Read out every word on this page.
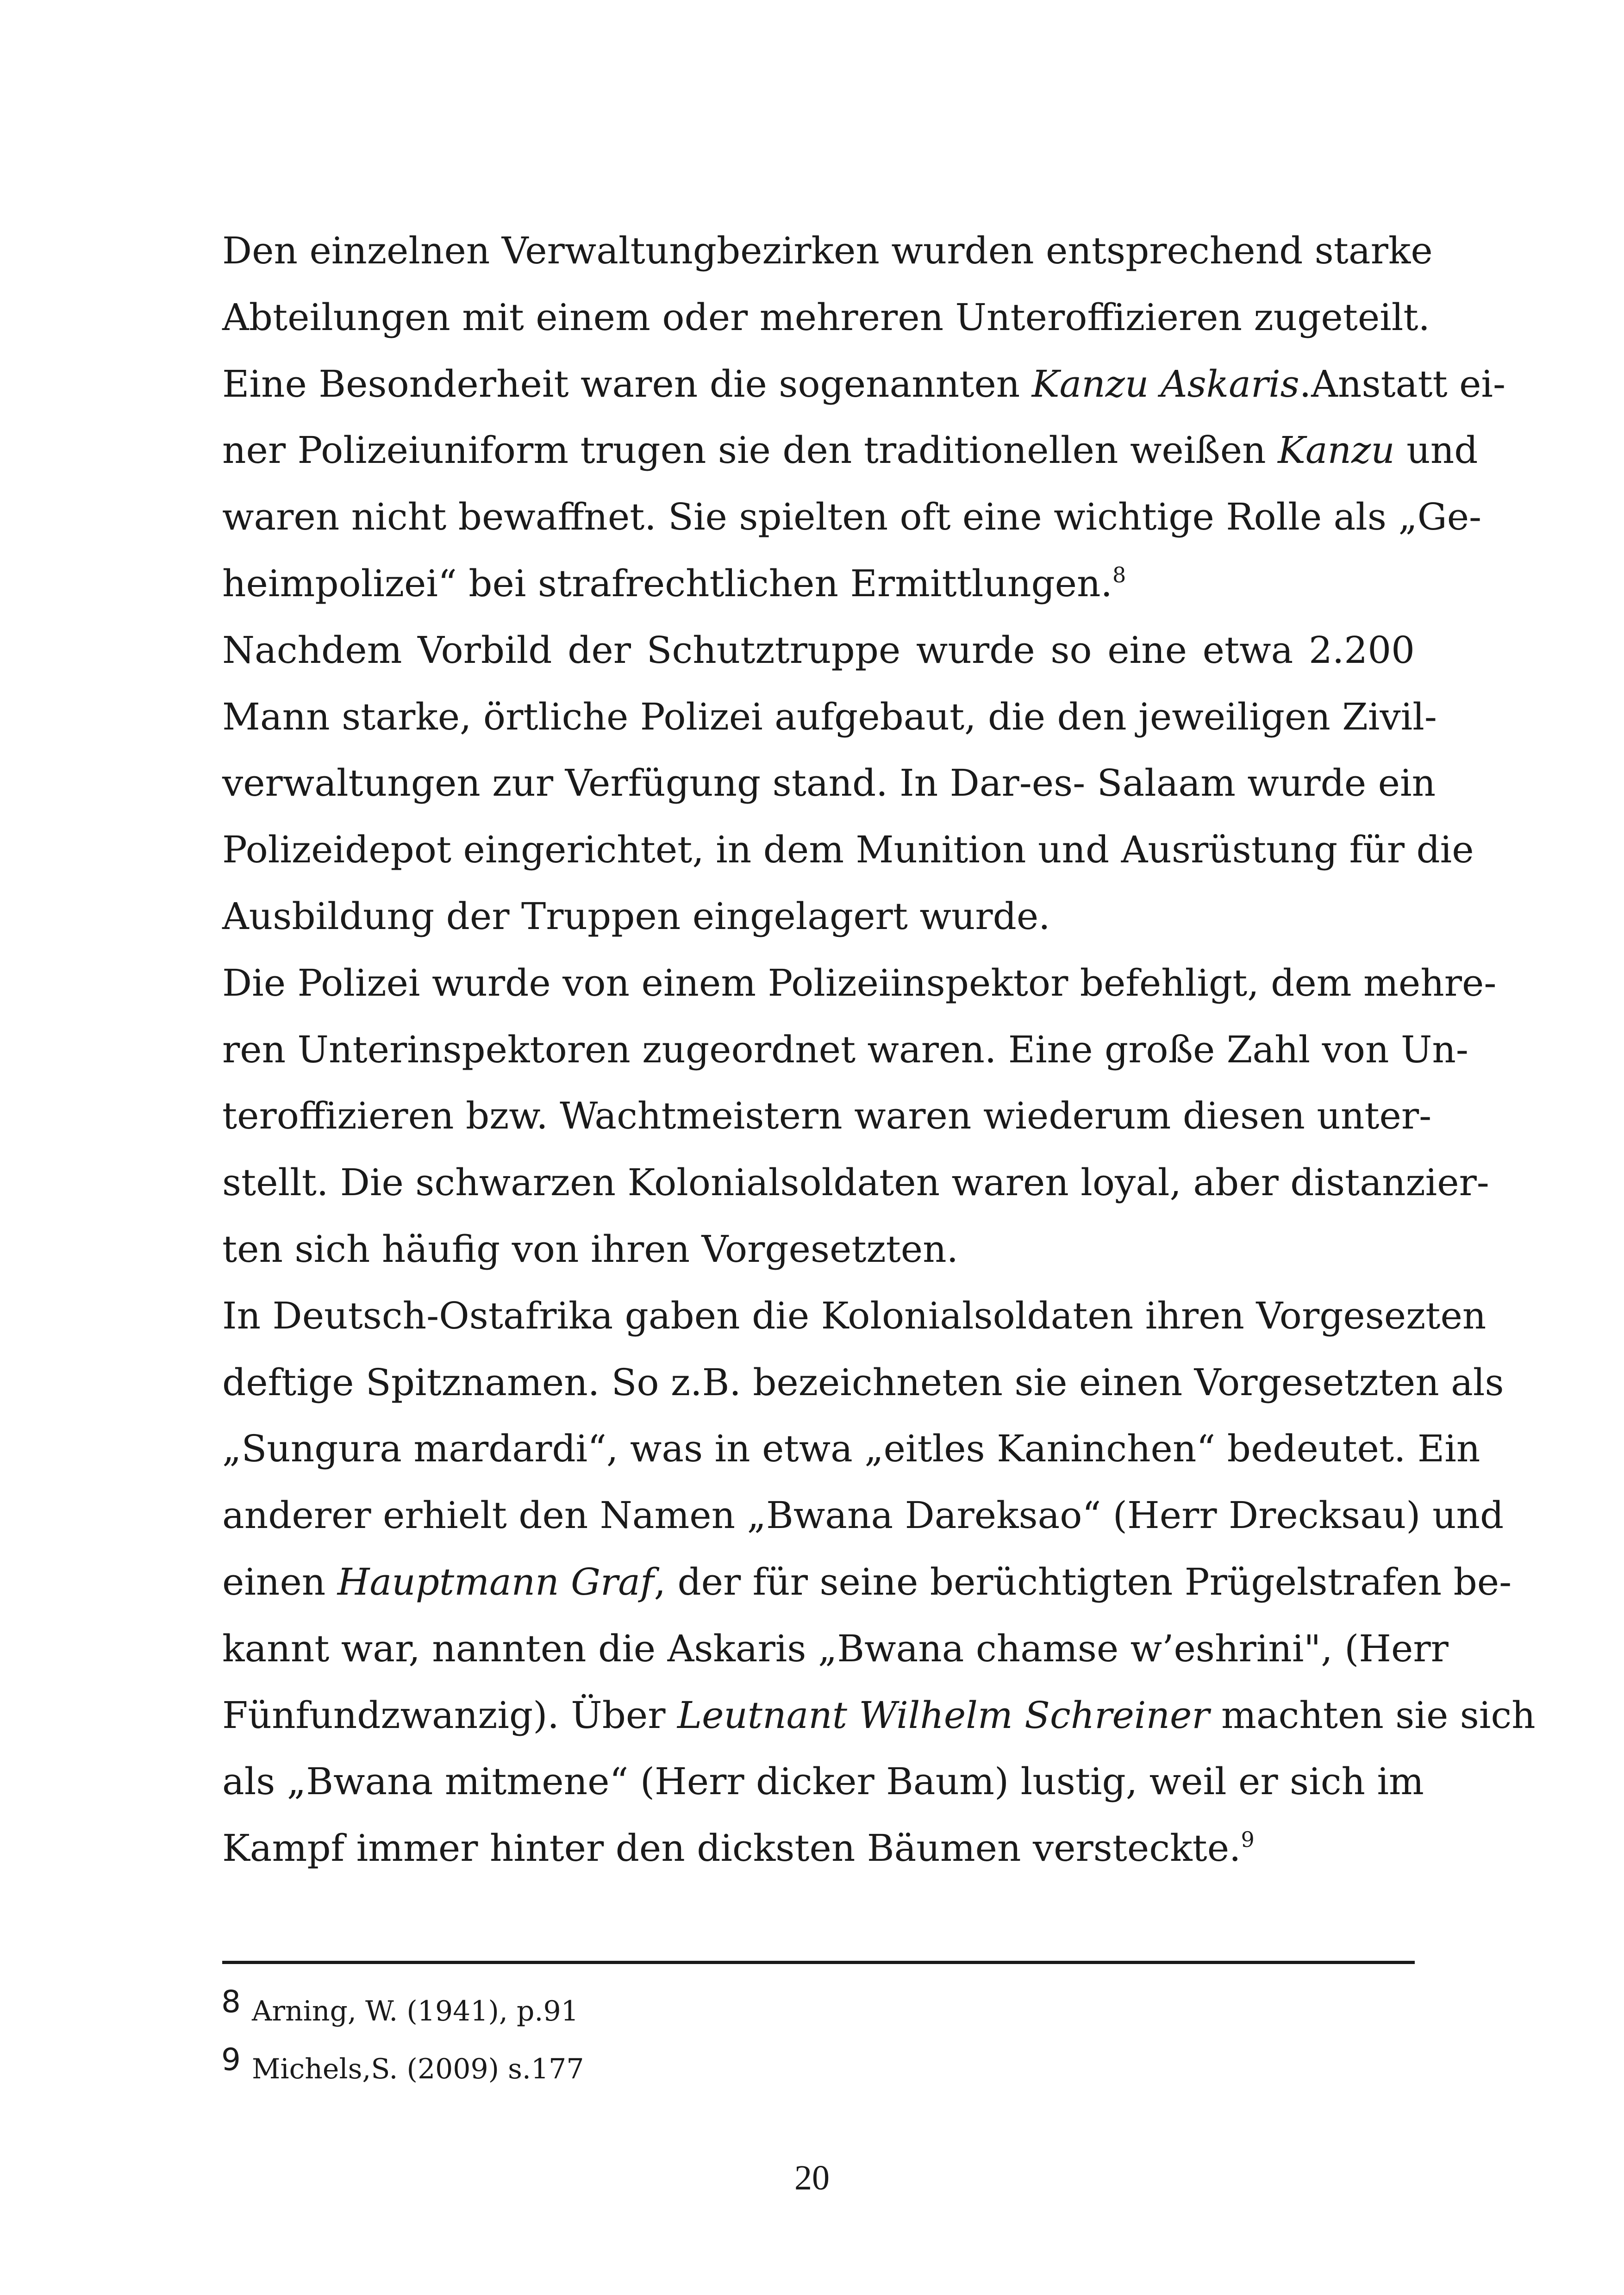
Den einzelnen Verwaltungbezirken wurden entsprechend starke
Abteilungen mit einem oder mehreren Unteroffizieren zugeteilt.
Eine Besonderheit waren die sogenannten Kanzu Askaris.Anstatt ei-
ner Polizeiuniform trugen sie den traditionellen weißen Kanzu und
waren nicht bewaffnet. Sie spielten oft eine wichtige Rolle als „Ge-
heimpolizei“ bei strafrechtlichen Ermittlungen.$^8$
Nachdem Vorbild der Schutztruppe wurde so eine etwa 2.200
Mann starke, örtliche Polizei aufgebaut, die den jeweiligen Zivil-
verwaltungen zur Verfügung stand. In Dar-es- Salaam wurde ein
Polizeidepot eingerichtet, in dem Munition und Ausrüstung für die
Ausbildung der Truppen eingelagert wurde.
Die Polizei wurde von einem Polizeiinspektor befehligt, dem mehre-
ren Unterinspektoren zugeordnet waren. Eine große Zahl von Un-
teroffizieren bzw. Wachtmeistern waren wiederum diesen unter-
stellt. Die schwarzen Kolonialsoldaten waren loyal, aber distanzier-
ten sich häufig von ihren Vorgesetzten.
In Deutsch-Ostafrika gaben die Kolonialsoldaten ihren Vorgesezten
deftige Spitznamen. So z.B. bezeichneten sie einen Vorgesetzten als
„Sungura mardardi“, was in etwa „eitles Kaninchen“ bedeutet. Ein
anderer erhielt den Namen „Bwana Dareksao“ (Herr Drecksau) und
einen Hauptmann Graf, der für seine berüchtigten Prügelstrafen be-
kannt war, nannten die Askaris „Bwana chamse w’eshrini", (Herr
Fünfundzwanzig). Über Leutnant Wilhelm Schreiner machten sie sich
als „Bwana mitmene“ (Herr dicker Baum) lustig, weil er sich im
Kampf immer hinter den dicksten Bäumen versteckte.$^9$
8 Arning, W. (1941), p.91
9 Michels,S. (2009) s.177
20
